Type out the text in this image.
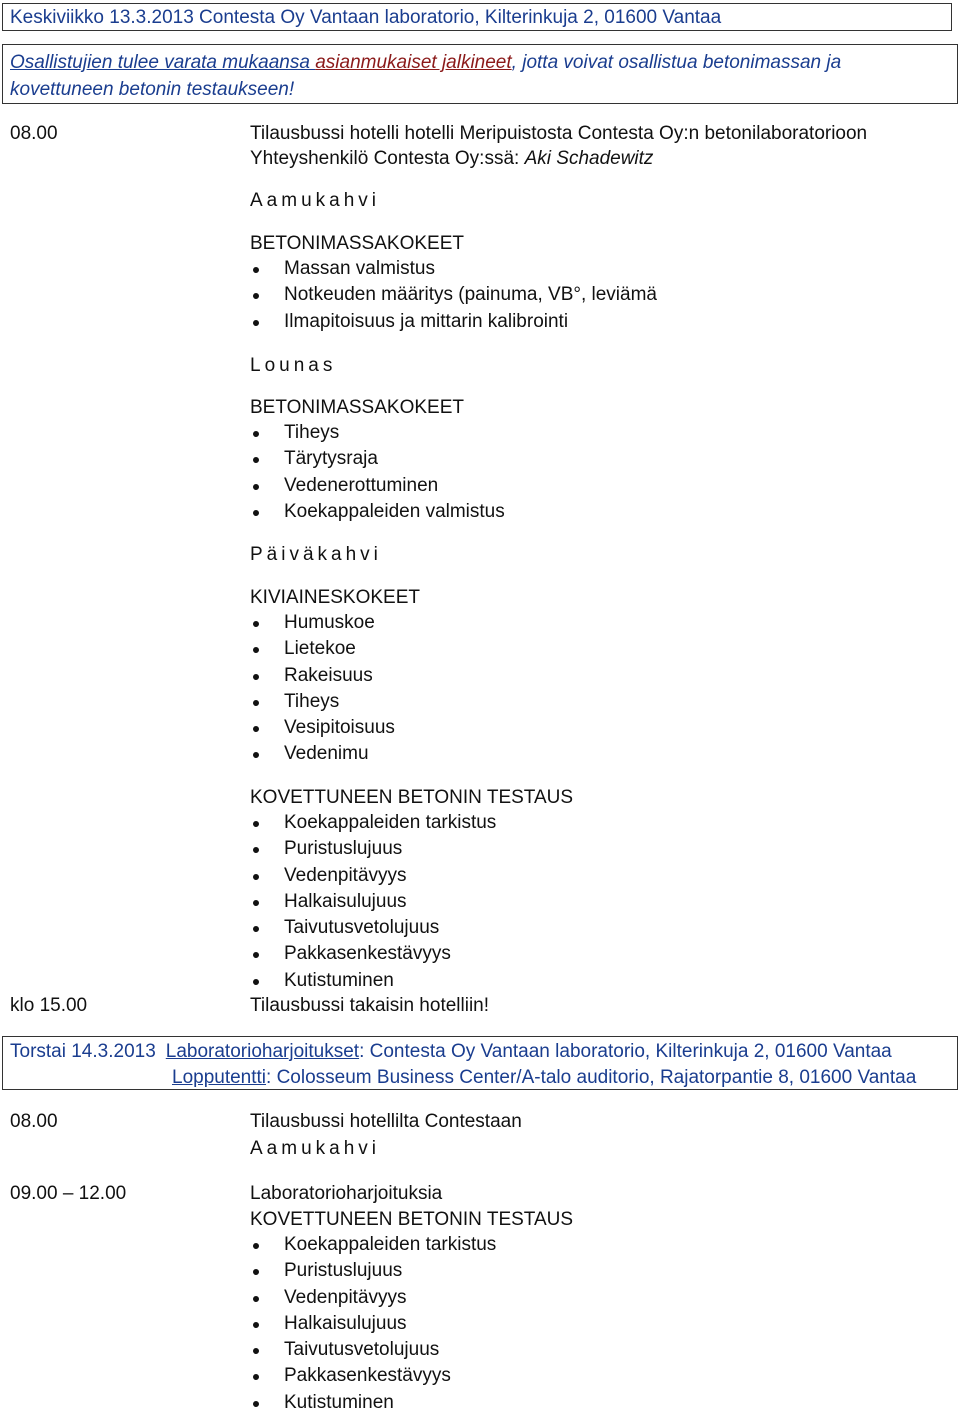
Keskiviikko 13.3.2013 Contesta Oy Vantaan laboratorio, Kilterinkuja 2, 01600 Vantaa
Osallistujien tulee varata mukaansa asianmukaiset jalkineet, jotta voivat osallistua betonimassan ja
kovettuneen betonin testaukseen!
08.00	Tilausbussi hotelli hotelli Meripuistosta Contesta Oy:n betonilaboratorioon
Yhteyshenkilö Contesta Oy:ssä: Aki Schadewitz
Aamukahvi
BETONIMASSAKOKEET
Massan valmistus
Notkeuden määritys (painuma, VB°, leviämä
Ilmapitoisuus ja mittarin kalibrointi
Lounas
BETONIMASSAKOKEET
Tiheys
Tärytysraja
Vedenerottuminen
Koekappaleiden valmistus
Päiväkahvi
KIVIAINESKOKEET
Humuskoe
Lietekoe
Rakeisuus
Tiheys
Vesipitoisuus
Vedenimu
KOVETTUNEEN BETONIN TESTAUS
Koekappaleiden tarkistus
Puristuslujuus
Vedenpitävyys
Halkaisulujuus
Taivutusvetolujuus
Pakkasenkestävyys
Kutistuminen
klo 15.00	Tilausbussi takaisin hotelliin!
Torstai 14.3.2013 Laboratorioharjoitukset: Contesta Oy Vantaan laboratorio, Kilterinkuja 2, 01600 Vantaa
Lopputentti: Colosseum Business Center/A-talo auditorio, Rajatorpantie 8, 01600 Vantaa
08.00	Tilausbussi hotellilta Contestaan
Aamukahvi
09.00 – 12.00	Laboratorioharjoituksia
KOVETTUNEEN BETONIN TESTAUS
Koekappaleiden tarkistus
Puristuslujuus
Vedenpitävyys
Halkaisulujuus
Taivutusvetolujuus
Pakkasenkestävyys
Kutistuminen
